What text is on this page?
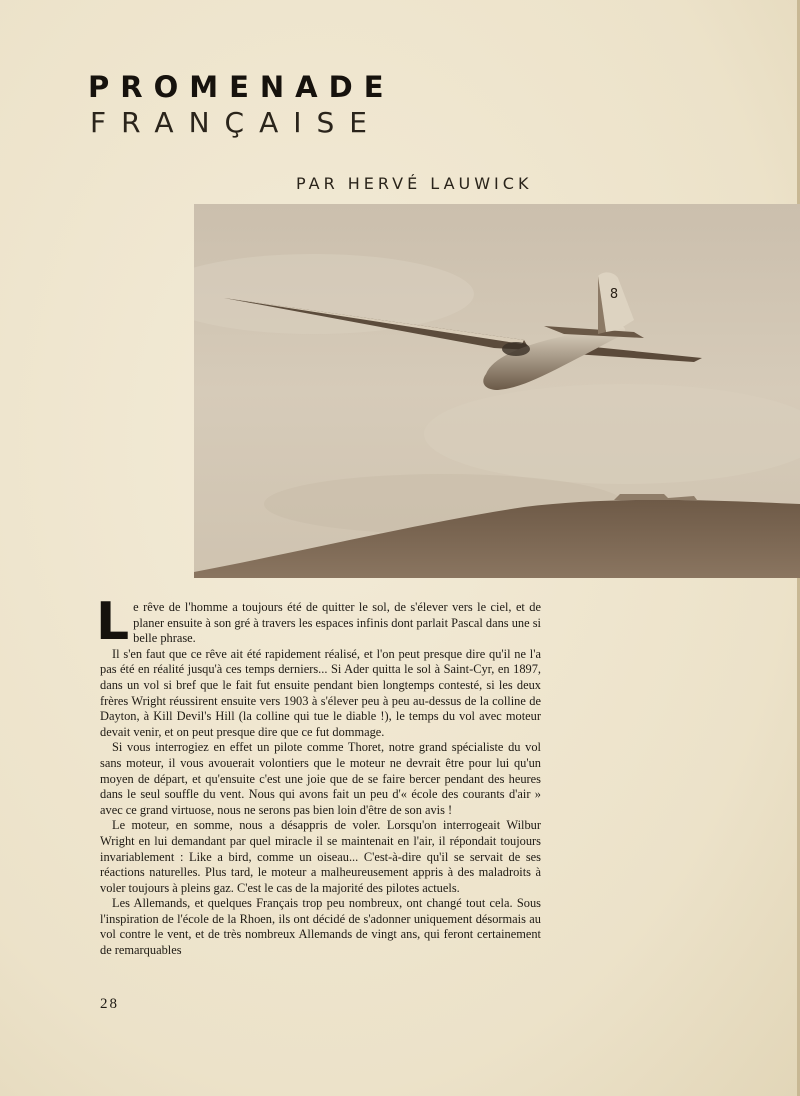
PROMENADE
FRANÇAISE
PAR HERVÉ LAUWICK
8

Le rêve de l'homme a toujours été de quitter le sol, de s'élever vers le ciel, et de planer ensuite à son gré à travers les espaces infinis dont parlait Pascal dans une si belle phrase.

Il s'en faut que ce rêve ait été rapidement réalisé, et l'on peut presque dire qu'il ne l'a pas été en réalité jusqu'à ces temps derniers... Si Ader quitta le sol à Saint-Cyr, en 1897, dans un vol si bref que le fait fut ensuite pendant bien longtemps contesté, si les deux frères Wright réussirent ensuite vers 1903 à s'élever peu à peu au-dessus de la colline de Dayton, à Kill Devil's Hill (la colline qui tue le diable !), le temps du vol avec moteur devait venir, et on peut presque dire que ce fut dommage.

Si vous interrogiez en effet un pilote comme Thoret, notre grand spécialiste du vol sans moteur, il vous avouerait volontiers que le moteur ne devrait être pour lui qu'un moyen de départ, et qu'ensuite c'est une joie que de se faire bercer pendant des heures dans le seul souffle du vent. Nous qui avons fait un peu d'« école des courants d'air » avec ce grand virtuose, nous ne serons pas bien loin d'être de son avis !

Le moteur, en somme, nous a désappris de voler. Lorsqu'on interrogeait Wilbur Wright en lui demandant par quel miracle il se maintenait en l'air, il répondait toujours invariablement : Like a bird, comme un oiseau... C'est-à-dire qu'il se servait de ses réactions naturelles. Plus tard, le moteur a malheureusement appris à des maladroits à voler toujours à pleins gaz. C'est le cas de la majorité des pilotes actuels.

Les Allemands, et quelques Français trop peu nombreux, ont changé tout cela. Sous l'inspiration de l'école de la Rhoen, ils ont décidé de s'adonner uniquement désormais au vol contre le vent, et de très nombreux Allemands de vingt ans, qui feront certainement de remarquables

28
